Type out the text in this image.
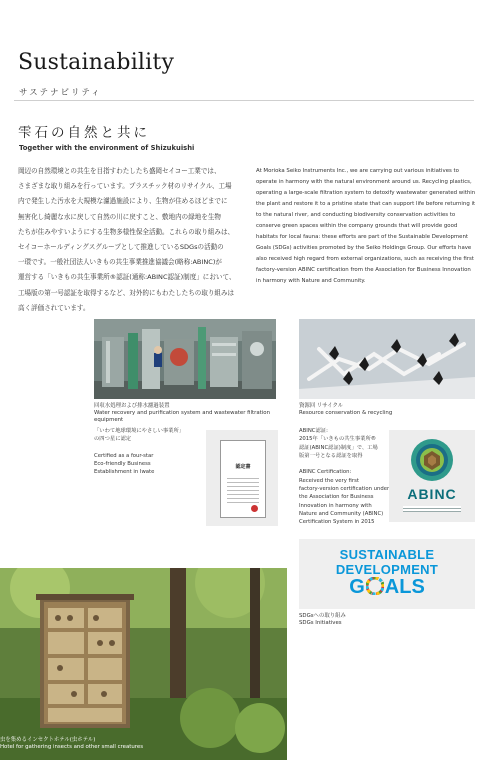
Sustainability
サステナビリティ
雫石の自然と共に
Together with the environment of Shizukuishi
岡辺の自然環境との共生を目指すわたしたち盛岡セイコー工業では、
さまざまな取り組みを行っています。プラスチック材のリサイクル、工場
内で発生した汚水を大規模な濾過施設により、生物が住めるほどまでに
無害化し綺麗な水に戻して自然の川に戻すこと、敷地内の緑地を生物
たちが住みやすいようにする生物多様性保全活動。これらの取り組みは、
セイコーホールディングスグループとして推進しているSDGsの活動の
一環です。一般社団法人いきもの共生事業推進協議会(略称:ABINC)が
運営する「いきもの共生事業所®認証(通称:ABINC認証)制度」において、
工場版の第一号認証を取得するなど、対外的にもわたしたちの取り組みは
高く評価されています。
At Morioka Seiko Instruments Inc., we are carrying out various initiatives to operate in harmony with the natural environment around us. Recycling plastics, operating a large-scale filtration system to detoxify wastewater generated within the plant and restore it to a pristine state that can support life before returning it to the natural river, and conducting biodiversity conservation activities to conserve green spaces within the company grounds that will provide good habitats for local fauna: these efforts are part of the Sustainable Development Goals (SDGs) activities promoted by the Seiko Holdings Group. Our efforts have also received high regard from external organizations, such as receiving the first factory-version ABINC certification from the Association for Business Innovation in harmony with Nature and Community.
回収水処理および排水濾過装置
Water recovery and purification system and wastewater filtration equipment
資源回 リサイクル
Resource conservation & recycling
「いわて地球環境にやさしい事業所」
の四つ星に認定

Certified as a four-star
Eco-friendly Business
Establishment in Iwate
認定書
ABINC認証:
2015年「いきもの共生事業所®
認証(ABINC認証)制度」で、工場
版第一号となる認証を取得

ABINC Certification:
Received the very first
factory-version certification under
the Association for Business
Innovation in harmony with
Nature and Community (ABINC)
Certification System in 2015
ABINC
SUSTAINABLE
DEVELOPMENT
G ALS
SDGsへの取り組み
SDGs Initiatives
虫を集めるインセクトホテル(虫ホテル)
Hotel for gathering insects and other small creatures
